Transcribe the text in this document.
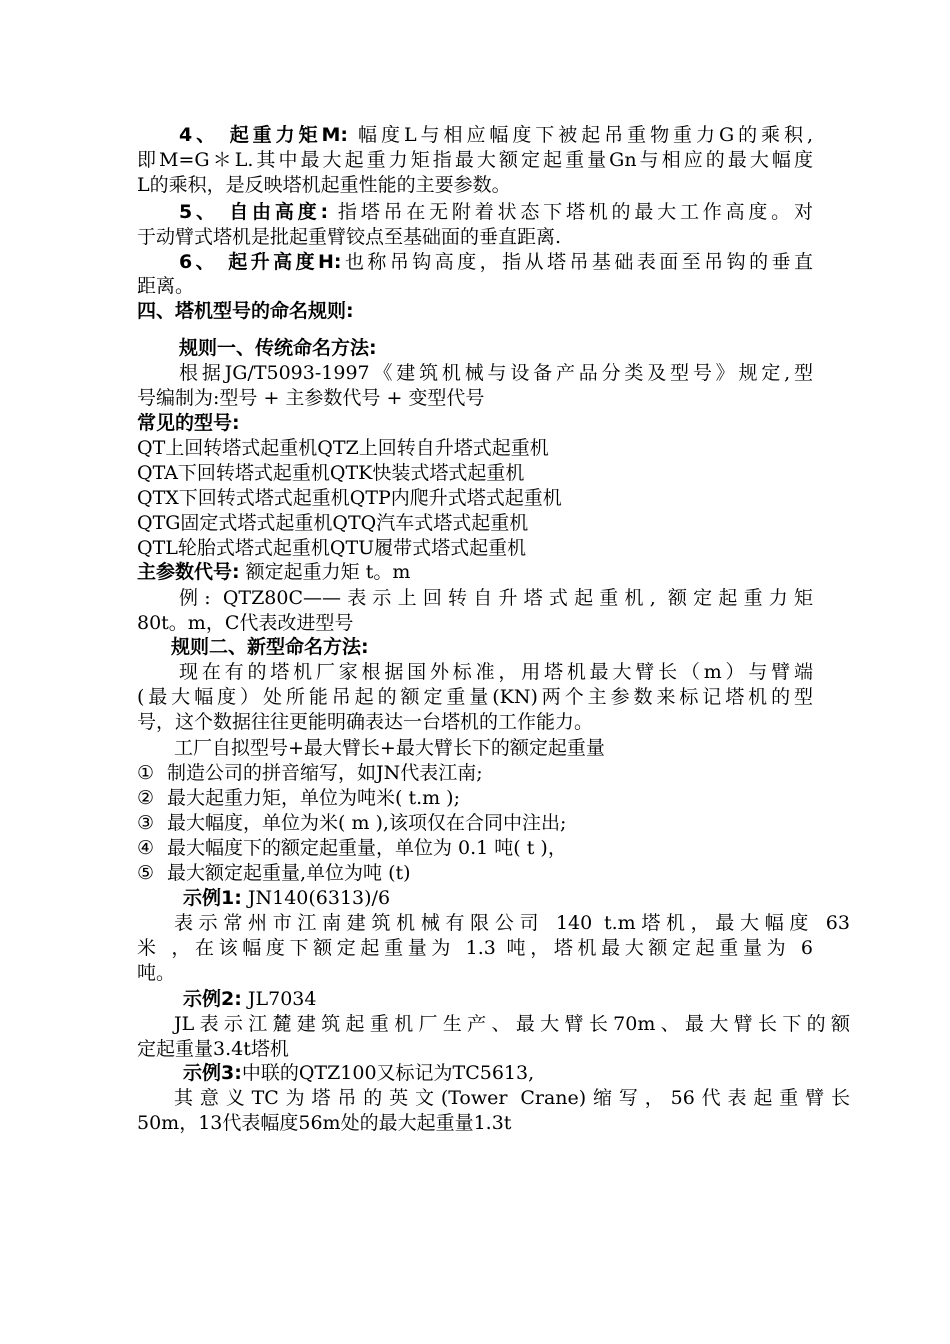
4、 起重力矩M: 幅度L与相应幅度下被起吊重物重力G的乘积,
即M=G＊L.其中最大起重力矩指最大额定起重量Gn与相应的最大幅度
L的乘积，是反映塔机起重性能的主要参数。
5、 自由高度: 指塔吊在无附着状态下塔机的最大工作高度。对
于动臂式塔机是批起重臂铰点至基础面的垂直距离.
6、 起升高度H:也称吊钩高度，指从塔吊基础表面至吊钩的垂直
距离。
四、塔机型号的命名规则:
规则一、传统命名方法:
根据JG/T5093-1997《建筑机械与设备产品分类及型号》规定,型
号编制为:型号 + 主参数代号 + 变型代号
常见的型号:
QT上回转塔式起重机QTZ上回转自升塔式起重机
QTA下回转塔式起重机QTK快装式塔式起重机
QTX下回转式塔式起重机QTP内爬升式塔式起重机
QTG固定式塔式起重机QTQ汽车式塔式起重机
QTL轮胎式塔式起重机QTU履带式塔式起重机
主参数代号: 额定起重力矩 t。m
例: QTZ80C——表示上回转自升塔式起重机, 额定起重力矩
80t。m，C代表改进型号
规则二、新型命名方法:
现在有的塔机厂家根据国外标准，用塔机最大臂长（m）与臂端
(最大幅度）处所能吊起的额定重量(KN)两个主参数来标记塔机的型
号，这个数据往往更能明确表达一台塔机的工作能力。
工厂自拟型号+最大臂长+最大臂长下的额定起重量
① 制造公司的拼音缩写，如JN代表江南;
② 最大起重力矩，单位为吨米( t.m );
③ 最大幅度，单位为米( m ),该项仅在合同中注出;
④ 最大幅度下的额定起重量，单位为 0.1 吨( t )，
⑤ 最大额定起重量,单位为吨 (t)
示例1: JN140(6313)/6
表示常州市江南建筑机械有限公司 140 t.m塔机，最大幅度 63
米 ，在该幅度下额定起重量为 1.3 吨，塔机最大额定起重量为 6
吨。
示例2: JL7034
JL表示江麓建筑起重机厂生产、最大臂长70m、最大臂长下的额
定起重量3.4t塔机
示例3:中联的QTZ100又标记为TC5613,
其意义TC为塔吊的英文(Tower Crane)缩写，56代表起重臂长
50m，13代表幅度56m处的最大起重量1.3t
